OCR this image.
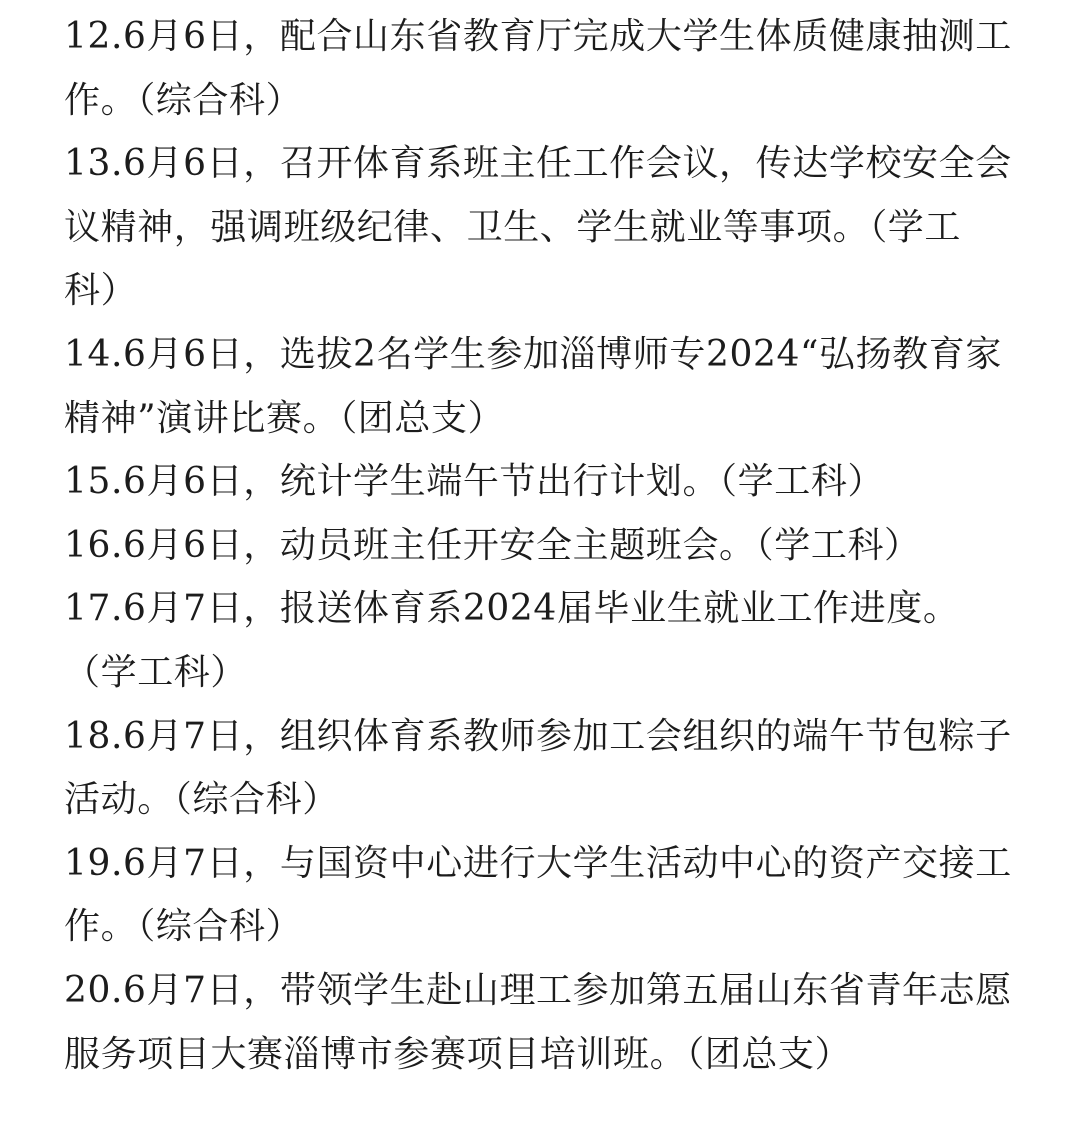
12.6月6日，配合山东省教育厅完成大学生体质健康抽测工作。（综合科）

13.6月6日，召开体育系班主任工作会议，传达学校安全会议精神，强调班级纪律、卫生、学生就业等事项。（学工科）

14.6月6日，选拔2名学生参加淄博师专2024“弘扬教育家精神”演讲比赛。（团总支）

15.6月6日，统计学生端午节出行计划。（学工科）

16.6月6日，动员班主任开安全主题班会。（学工科）

17.6月7日，报送体育系2024届毕业生就业工作进度。（学工科）

18.6月7日，组织体育系教师参加工会组织的端午节包粽子活动。（综合科）

19.6月7日，与国资中心进行大学生活动中心的资产交接工作。（综合科）

20.6月7日，带领学生赴山理工参加第五届山东省青年志愿服务项目大赛淄博市参赛项目培训班。（团总支）
